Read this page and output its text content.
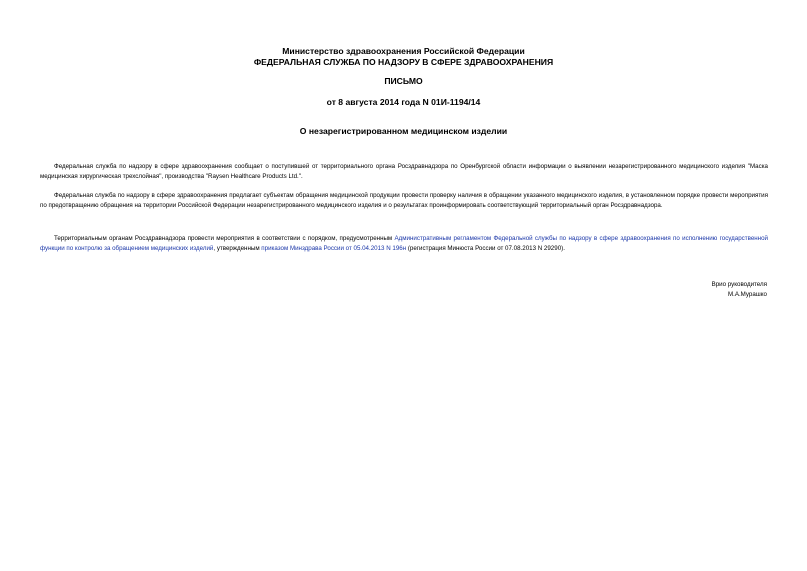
Министерство здравоохранения Российской Федерации
ФЕДЕРАЛЬНАЯ СЛУЖБА ПО НАДЗОРУ В СФЕРЕ ЗДРАВООХРАНЕНИЯ
ПИСЬМО
от 8 августа 2014 года N 01И-1194/14
О незарегистрированном медицинском изделии

Федеральная служба по надзору в сфере здравоохранения сообщает о поступившей от территориального органа Росздравнадзора по Оренбургской области информации о выявлении незарегистрированного медицинского изделия "Маска медицинская хирургическая трехслойная", производства "Raysen Healthcare Products Ltd.".

Федеральная служба по надзору в сфере здравоохранения предлагает субъектам обращения медицинской продукции провести проверку наличия в обращении указанного медицинского изделия, в установленном порядке провести мероприятия по предотвращению обращения на территории Российской Федерации незарегистрированного медицинского изделия и о результатах проинформировать соответствующий территориальный орган Росздравнадзора.

Территориальным органам Росздравнадзора провести мероприятия в соответствии с порядком, предусмотренным Административным регламентом Федеральной службы по надзору в сфере здравоохранения по исполнению государственной функции по контролю за обращением медицинских изделий, утвержденным приказом Минздрава России от 05.04.2013 N 196н (регистрация Минюста России от 07.08.2013 N 29290).

Врио руководителя
М.А.Мурашко
